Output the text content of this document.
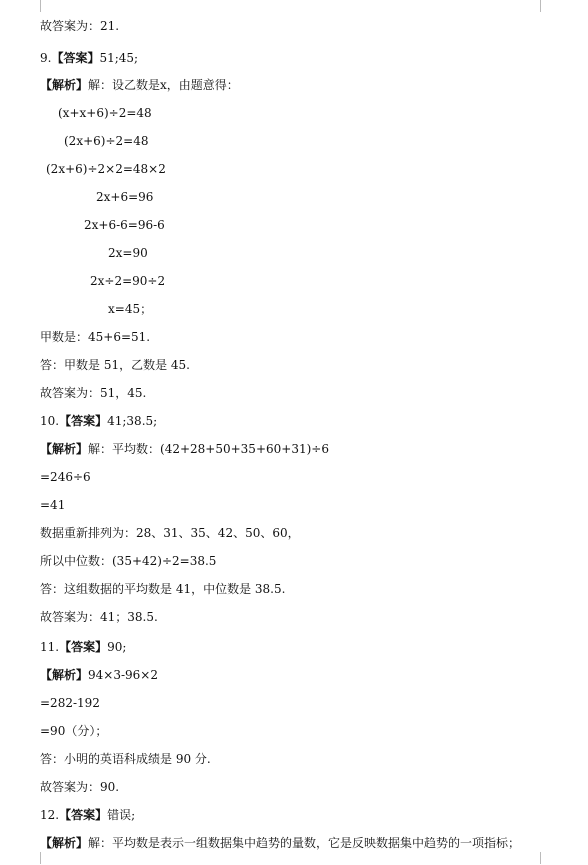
故答案为：21.
9.【答案】51;45;
【解析】解：设乙数是x，由题意得：
(x+x+6)÷2=48
(2x+6)÷2=48
(2x+6)÷2×2=48×2
2x+6=96
2x+6-6=96-6
2x=90
2x÷2=90÷2
x=45；
甲数是：45+6=51.
答：甲数是 51，乙数是 45.
故答案为：51，45.
10.【答案】41;38.5;
【解析】解：平均数：(42+28+50+35+60+31)÷6
=246÷6
=41
数据重新排列为：28、31、35、42、50、60，
所以中位数：(35+42)÷2=38.5
答：这组数据的平均数是 41，中位数是 38.5.
故答案为：41；38.5.
11.【答案】90;
【解析】94×3-96×2
=282-192
=90（分）；
答：小明的英语科成绩是 90 分.
故答案为：90.
12.【答案】错误;
【解析】解：平均数是表示一组数据集中趋势的量数，它是反映数据集中趋势的一项指标；
